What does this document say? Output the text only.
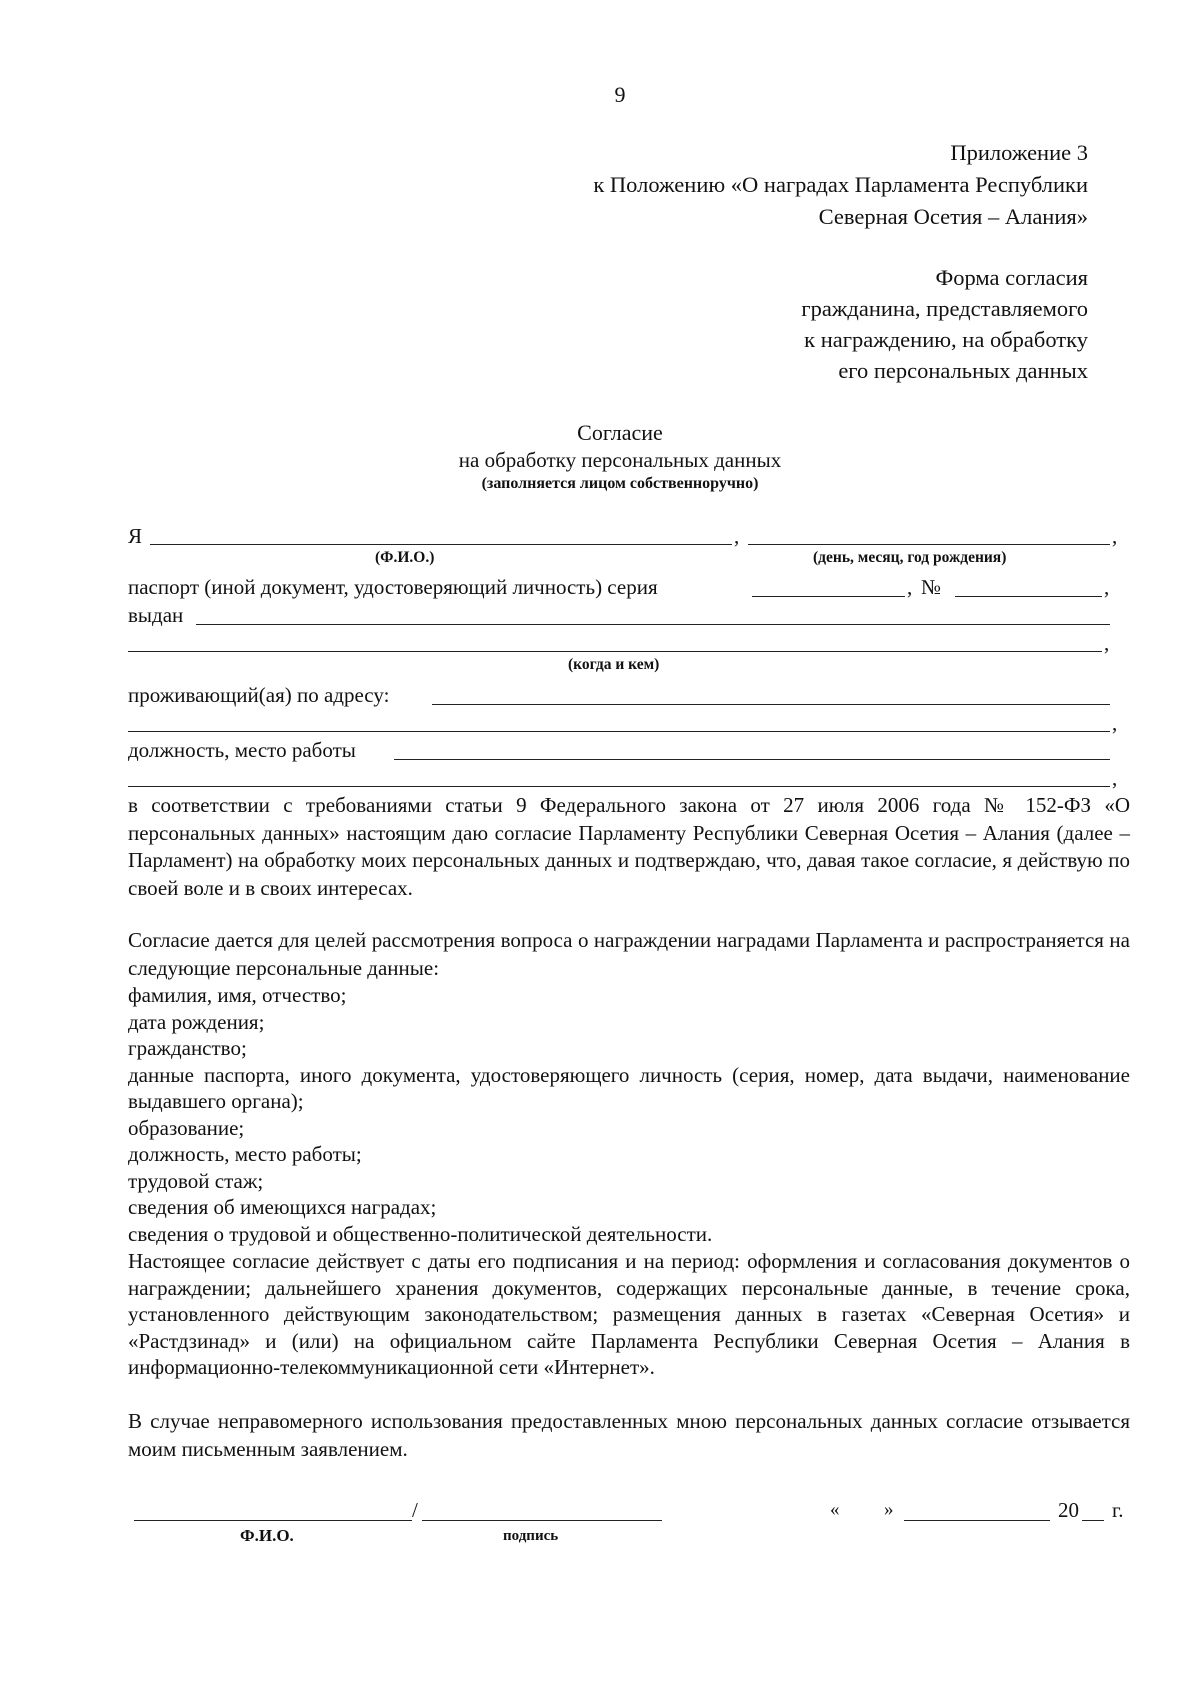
9
Приложение 3
к Положению «О наградах Парламента Республики
Северная Осетия – Алания»
Форма согласия
гражданина, представляемого
к награждению, на обработку
его персональных данных
Согласие
на обработку персональных данных
(заполняется лицом собственноручно)
Я	,	,
(Ф.И.О.)	(день, месяц, год рождения)
паспорт (иной документ, удостоверяющий личность) серия	, №	,
выдан
,
(когда и кем)
проживающий(ая) по адресу:
,
должность, место работы
,

в соответствии с требованиями статьи 9 Федерального закона от 27 июля 2006 года № 152-ФЗ «О персональных данных» настоящим даю согласие Парламенту Республики Северная Осетия – Алания (далее – Парламент) на обработку моих персональных данных и подтверждаю, что, давая такое согласие, я действую по своей воле и в своих интересах.

Согласие дается для целей рассмотрения вопроса о награждении наградами Парламента и распространяется на следующие персональные данные:

фамилия, имя, отчество;
дата рождения;
гражданство;
данные паспорта, иного документа, удостоверяющего личность (серия, номер, дата выдачи, наименование выдавшего органа);
образование;
должность, место работы;
трудовой стаж;
сведения об имеющихся наградах;
сведения о трудовой и общественно-политической деятельности.

Настоящее согласие действует с даты его подписания и на период: оформления и согласования документов о награждении; дальнейшего хранения документов, содержащих персональные данные, в течение срока, установленного действующим законодательством; размещения данных в газетах «Северная Осетия» и «Растдзинад» и (или) на официальном сайте Парламента Республики Северная Осетия – Алания в информационно-телекоммуникационной сети «Интернет».

В случае неправомерного использования предоставленных мною персональных данных согласие отзывается моим письменным заявлением.

/
Ф.И.О.	подпись
« »	20 г.
